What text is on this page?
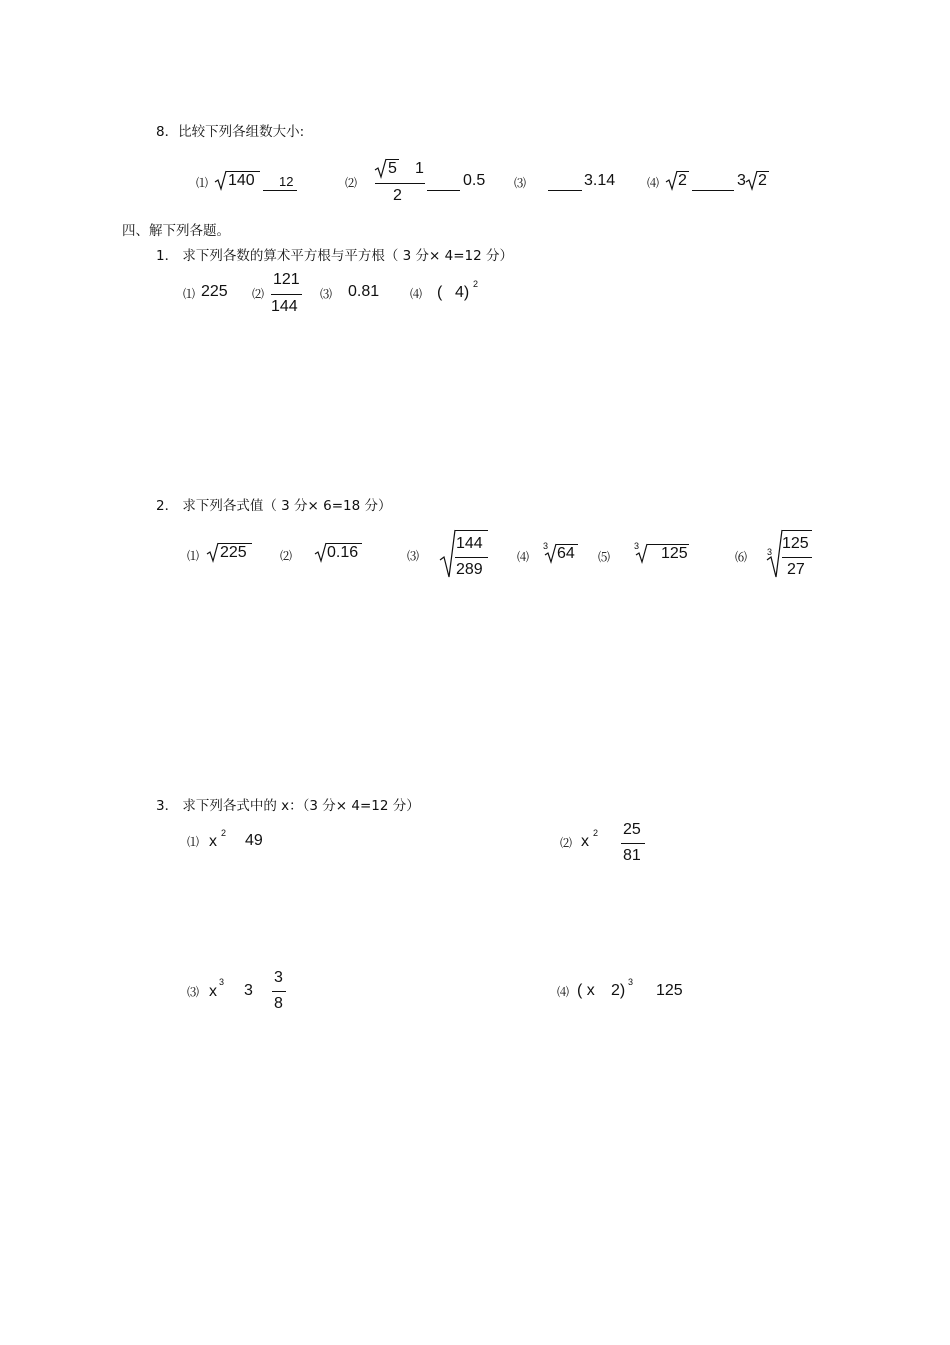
8．比较下列各组数大小:
⑴ 140 12	⑵
5 1
2
0.5 ⑶	3.14	⑷ 2	3 2
四、解下列各题。
1． 求下列各数的算术平方根与平方根（ 3 分× 4=12 分）
⑴ 225 ⑵
121
144
⑶ 0.81	⑷ ( 4) 2
2． 求下列各式值（ 3 分× 6=18 分）
⑴ 225	⑵ 0.16	⑶
144
289
⑷
3 64 ⑸
3 125	⑹ 3 125
27
3． 求下列各式中的 x：（3 分× 4=12 分）
⑴ x 2 49	⑵ x 2 25
81
⑶ x
3 3
3
8
⑷ ( x 2) 3 125
